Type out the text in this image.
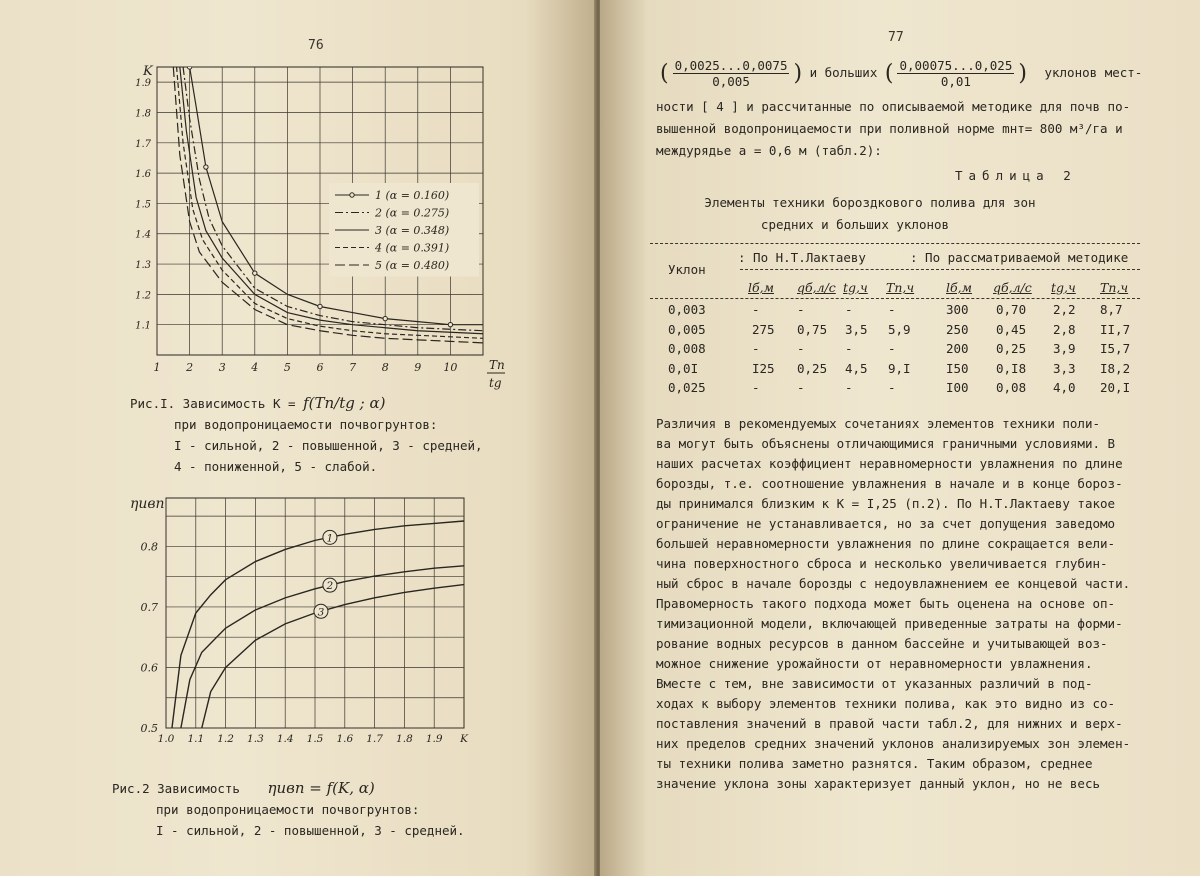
76
1 2 3 4 5 6 7 8 9 10
1.1
1.2
1.3
1.4
1.5
1.6
1.7
1.8
1.9
K
Tп
tg
1 (α = 0.160)
2 (α = 0.275)
3 (α = 0.348)
4 (α = 0.391)
5 (α = 0.480)
Рис.I. Зависимость К = f(Tп/tg ; α)
при водопроницаемости почвогрунтов:
I - сильной, 2 - повышенной, 3 - средней,
4 - пониженной, 5 - слабой.
1.0 1.1 1.2 1.3 1.4 1.5 1.6 1.7 1.8 1.9 K
0.5
0.6
0.7
0.8
ηивп
1
2
3
Рис.2 Зависимость ηивп = f(K, α)
при водопроницаемости почвогрунтов:
I - сильной, 2 - повышенной, 3 - средней.
77
( $\frac{0,0025...0,0075}{0,005}$ ) и больших ( $\frac{0,00075...0,025}{0,01}$ ) уклонов мест-

ности [ 4 ] и рассчитанные по описываемой методике для почв по-

вышенной водопроницаемости при поливной норме mнт= 800 м³/га и

междурядье а = 0,6 м (табл.2):

Таблица 2
Элементы техники бороздкового полива для зон
средних и больших уклонов
Уклон
: По Н.Т.Лактаеву	: По рассматриваемой методике
lб,м qб,л/с tg,ч Tп,ч	lб,м qб,л/с tg,ч Tп,ч
0,003	-	-	-	-	300 0,70 2,2 8,7
0,005	275 0,75 3,5 5,9	250 0,45 2,8 II,7
0,008	-	-	-	-	200 0,25 3,9 I5,7
0,0I	I25 0,25 4,5 9,I	I50 0,I8 3,3 I8,2
0,025	-	-	-	-	I00 0,08 4,0 20,I
Различия в рекомендуемых сочетаниях элементов техники поли-
ва могут быть объяснены отличающимися граничными условиями. В
наших расчетах коэффициент неравномерности увлажнения по длине
борозды, т.е. соотношение увлажнения в начале и в конце бороз-
ды принимался близким к К = I,25 (п.2). По Н.Т.Лактаеву такое
ограничение не устанавливается, но за счет допущения заведомо
большей неравномерности увлажнения по длине сокращается вели-
чина поверхностного сброса и несколько увеличивается глубин-
ный сброс в начале борозды с недоувлажнением ее концевой части.
Правомерность такого подхода может быть оценена на основе оп-
тимизационной модели, включающей приведенные затраты на форми-
рование водных ресурсов в данном бассейне и учитывающей воз-
можное снижение урожайности от неравномерности увлажнения.
Вместе с тем, вне зависимости от указанных различий в под-
ходах к выбору элементов техники полива, как это видно из со-
поставления значений в правой части табл.2, для нижних и верх-
них пределов средних значений уклонов анализируемых зон элемен-
ты техники полива заметно разнятся. Таким образом, среднее
значение уклона зоны характеризует данный уклон, но не весь
